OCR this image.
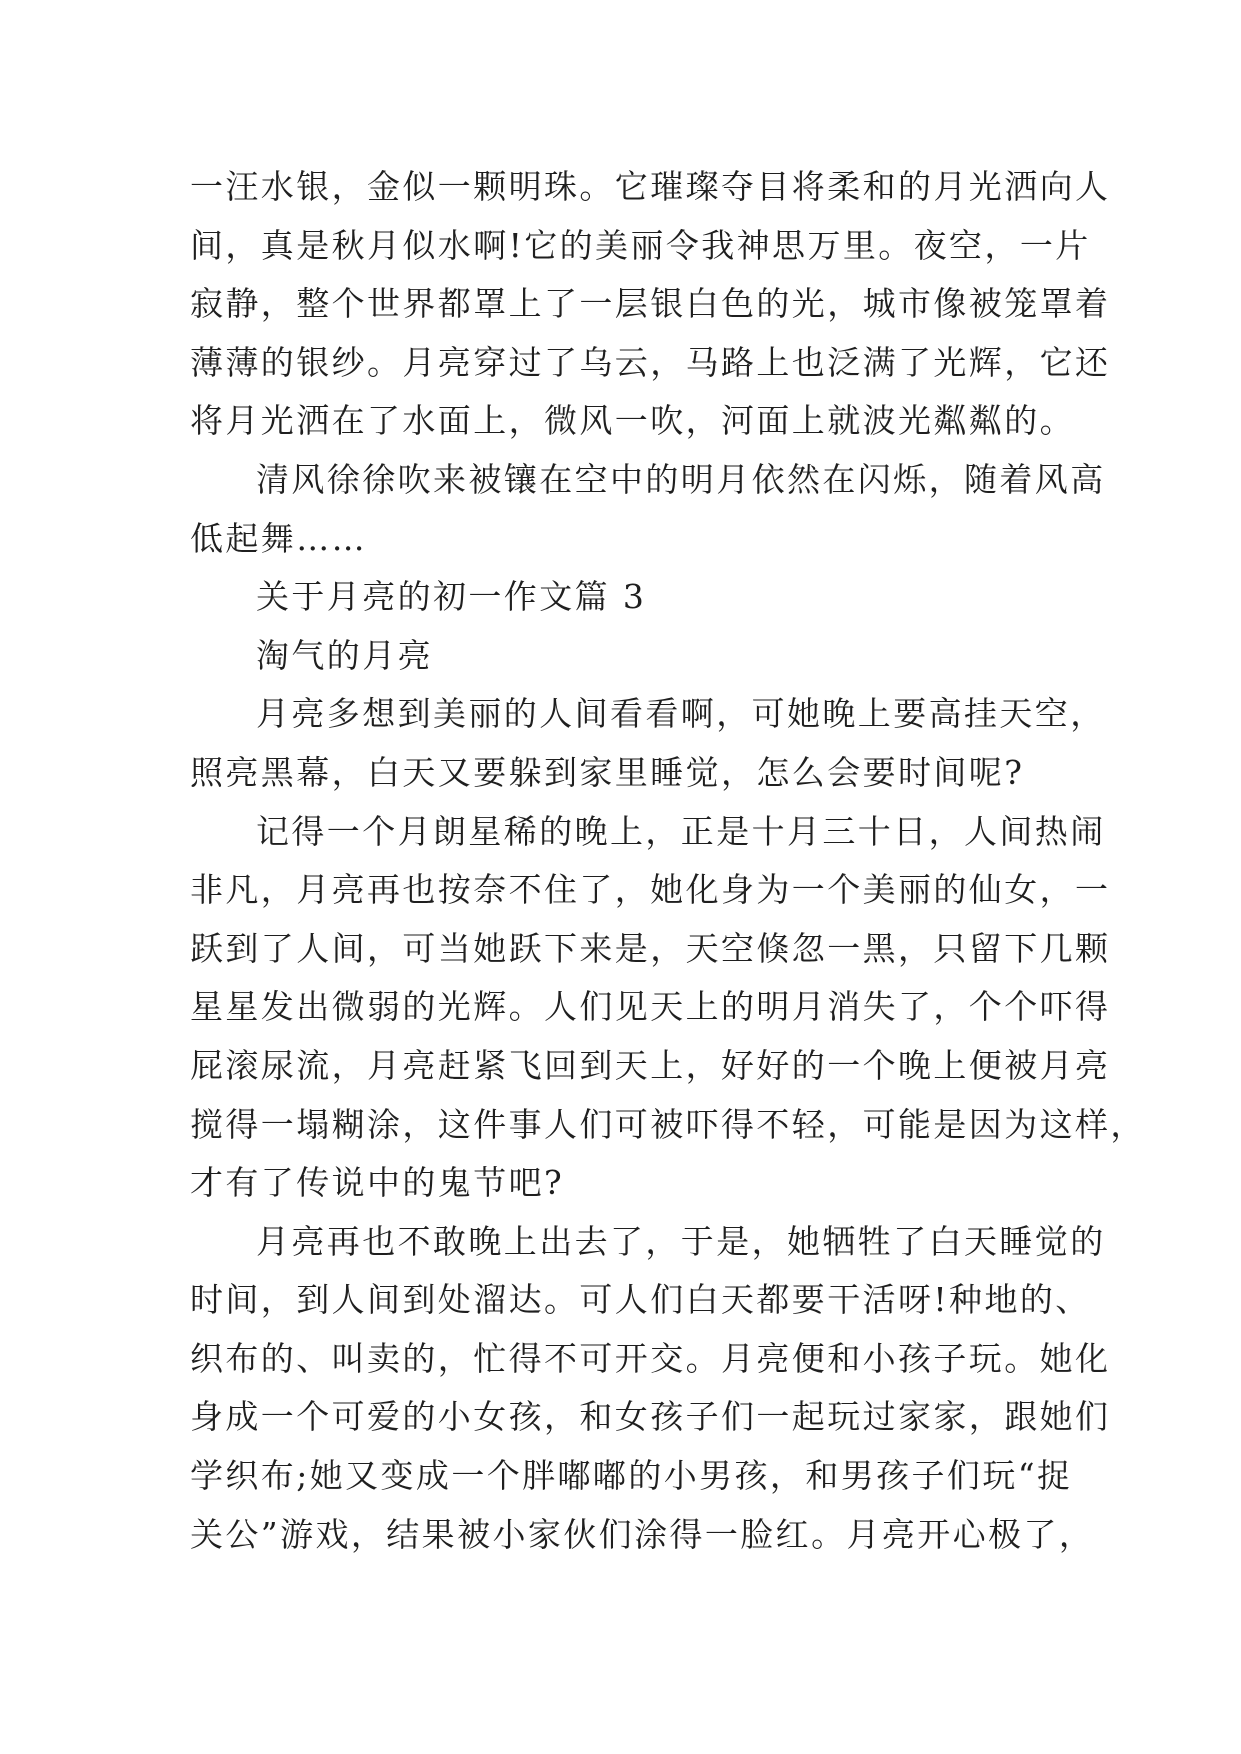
一汪水银，金似一颗明珠。它璀璨夺目将柔和的月光洒向人
间，真是秋月似水啊!它的美丽令我神思万里。夜空，一片
寂静，整个世界都罩上了一层银白色的光，城市像被笼罩着
薄薄的银纱。月亮穿过了乌云，马路上也泛满了光辉，它还
将月光洒在了水面上，微风一吹，河面上就波光粼粼的。
清风徐徐吹来被镶在空中的明月依然在闪烁，随着风高
低起舞……
关于月亮的初一作文篇 3
淘气的月亮
月亮多想到美丽的人间看看啊，可她晚上要高挂天空，
照亮黑幕，白天又要躲到家里睡觉，怎么会要时间呢?
记得一个月朗星稀的晚上，正是十月三十日，人间热闹
非凡，月亮再也按奈不住了，她化身为一个美丽的仙女，一
跃到了人间，可当她跃下来是，天空倏忽一黑，只留下几颗
星星发出微弱的光辉。人们见天上的明月消失了，个个吓得
屁滚尿流，月亮赶紧飞回到天上，好好的一个晚上便被月亮
搅得一塌糊涂，这件事人们可被吓得不轻，可能是因为这样，
才有了传说中的鬼节吧?
月亮再也不敢晚上出去了，于是，她牺牲了白天睡觉的
时间，到人间到处溜达。可人们白天都要干活呀!种地的、
织布的、叫卖的，忙得不可开交。月亮便和小孩子玩。她化
身成一个可爱的小女孩，和女孩子们一起玩过家家，跟她们
学织布;她又变成一个胖嘟嘟的小男孩，和男孩子们玩“捉
关公”游戏，结果被小家伙们涂得一脸红。月亮开心极了，
